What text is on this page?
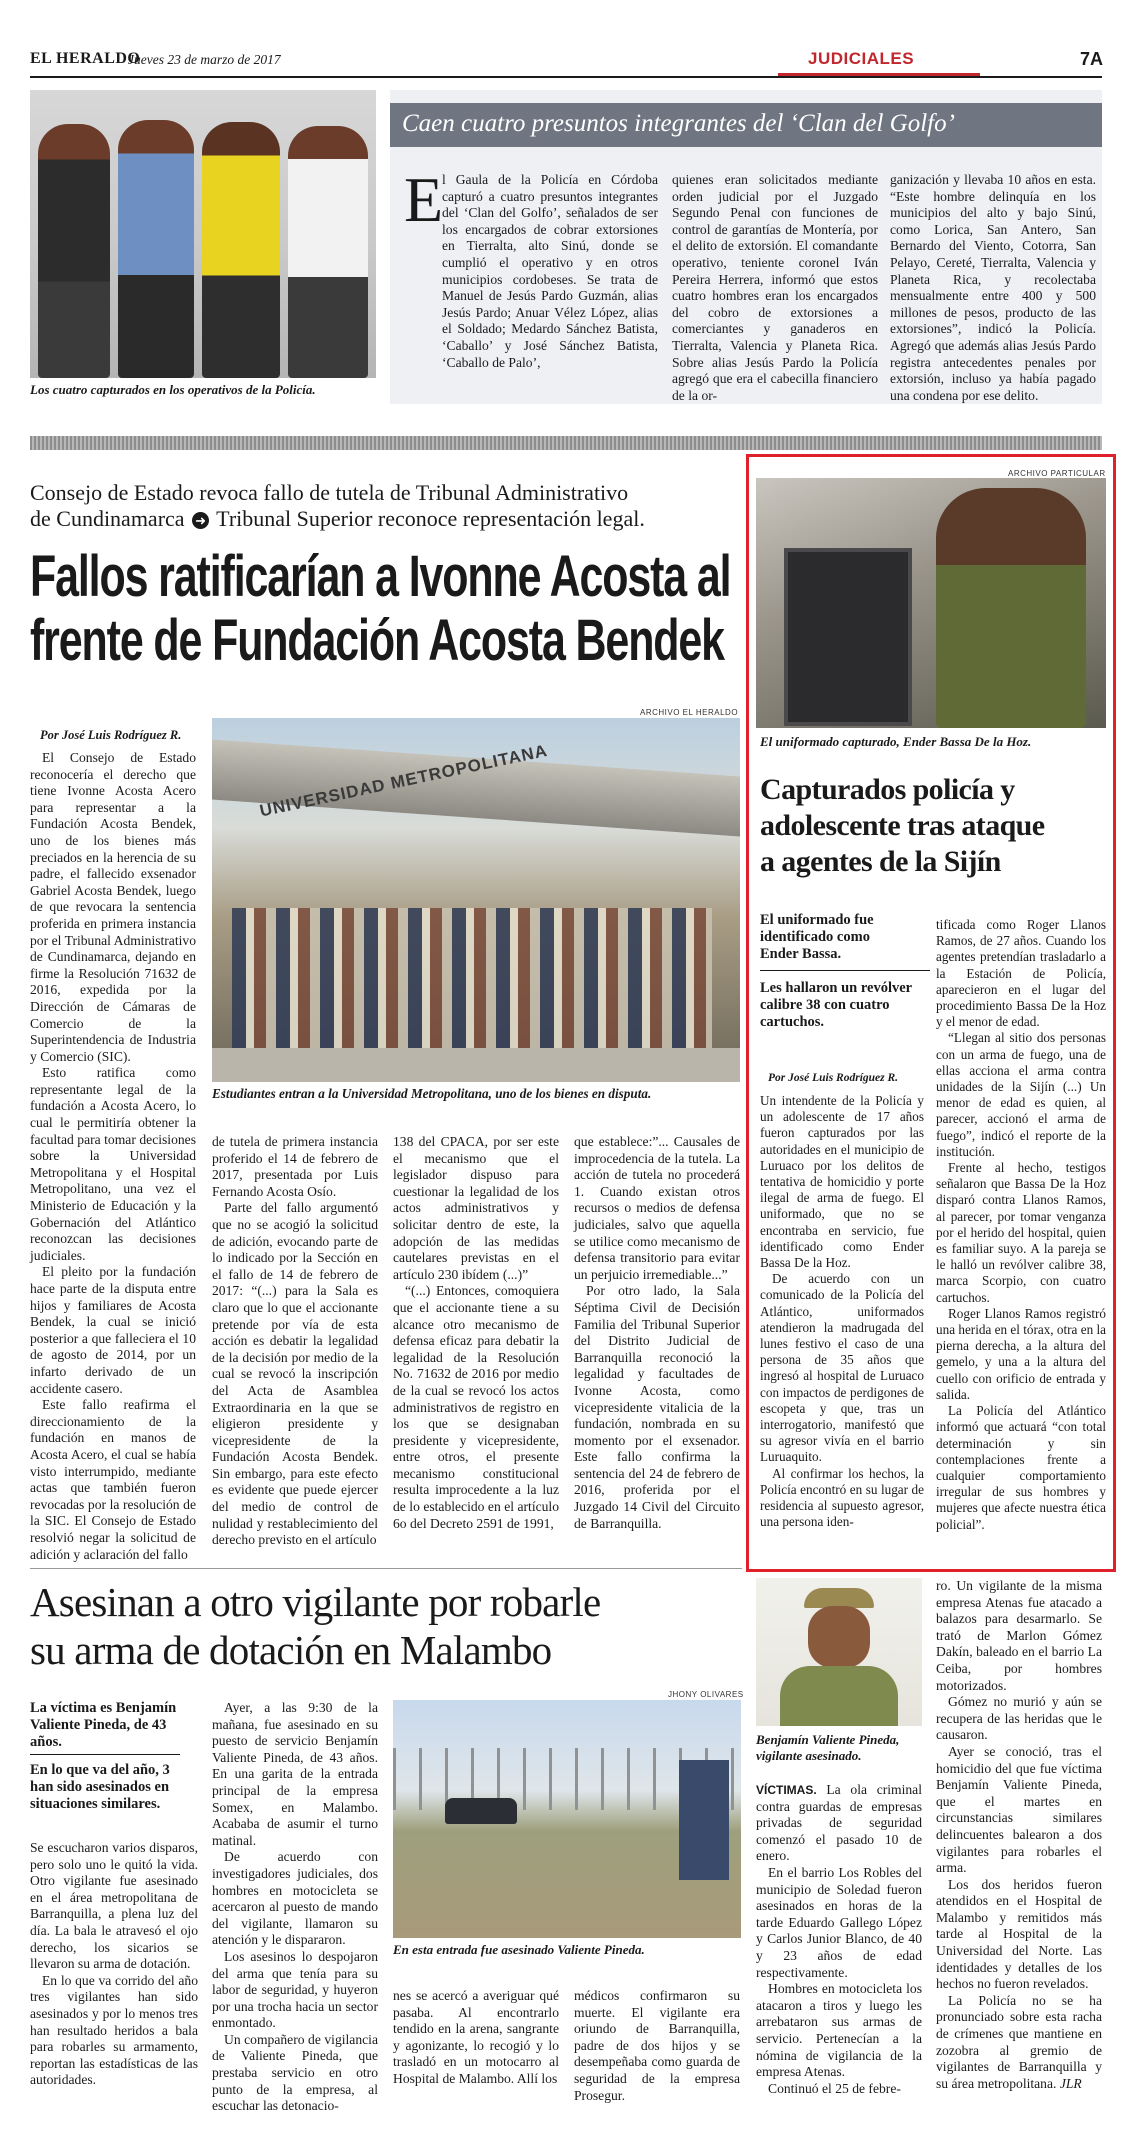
EL HERALDO
Jueves 23 de marzo de 2017	JUDICIALES	7A
Los cuatro capturados en los operativos de la Policía.
Caen cuatro presuntos integrantes del ‘Clan del Golfo’
E
l Gaula de la Policía en Córdoba capturó a cuatro presuntos integrantes del ‘Clan del Golfo’, señalados de ser los encargados de cobrar extorsiones en Tierralta, alto Sinú, donde se cumplió el operativo y en otros municipios cordobeses. Se trata de Manuel de Jesús Pardo Guzmán, alias Jesús Pardo; Anuar Vélez López, alias el Soldado; Medardo Sánchez Batista, ‘Caballo’ y José Sánchez Batista, ‘Caballo de Palo’,
quienes eran solicitados mediante orden judicial por el Juzgado Segundo Penal con funciones de control de garantías de Montería, por el delito de extorsión. El comandante operativo, teniente coronel Iván Pereira Herrera, informó que estos cuatro hombres eran los encargados del cobro de extorsiones a comerciantes y ganaderos en Tierralta, Valencia y Planeta Rica. Sobre alias Jesús Pardo la Policía agregó que era el cabecilla financiero de la or-
ganización y llevaba 10 años en esta. “Este hombre delinquía en los municipios del alto y bajo Sinú, como Lorica, San Antero, San Bernardo del Viento, Cotorra, San Pelayo, Cereté, Tierralta, Valencia y Planeta Rica, y recolectaba mensualmente entre 400 y 500 millones de pesos, producto de las extorsiones”, indicó la Policía. Agregó que además alias Jesús Pardo registra antecedentes penales por extorsión, incluso ya había pagado una condena por ese delito.
Consejo de Estado revoca fallo de tutela de Tribunal Administrativo
de Cundinamarca ➜ Tribunal Superior reconoce representación legal.
Fallos ratificarían a Ivonne Acosta al
frente de Fundación Acosta Bendek
Por José Luis Rodríguez R.

El Consejo de Estado reconocería el derecho que tiene Ivonne Acosta Acero para representar a la Fundación Acosta Bendek, uno de los bienes más preciados en la herencia de su padre, el fallecido exsenador Gabriel Acosta Bendek, luego de que revocara la sentencia proferida en primera instancia por el Tribunal Administrativo de Cundinamarca, dejando en firme la Resolución 71632 de 2016, expedida por la Dirección de Cámaras de Comercio de la Superintendencia de Industria y Comercio (SIC).

Esto ratifica como representante legal de la fundación a Acosta Acero, lo cual le permitiría obtener la facultad para tomar decisiones sobre la Universidad Metropolitana y el Hospital Metropolitano, una vez el Ministerio de Educación y la Gobernación del Atlántico reconozcan las decisiones judiciales.

El pleito por la fundación hace parte de la disputa entre hijos y familiares de Acosta Bendek, la cual se inició posterior a que falleciera el 10 de agosto de 2014, por un infarto derivado de un accidente casero.

Este fallo reafirma el direccionamiento de la fundación en manos de Acosta Acero, el cual se había visto interrumpido, mediante actas que también fueron revocadas por la resolución de la SIC. El Consejo de Estado resolvió negar la solicitud de adición y aclaración del fallo

ARCHIVO EL HERALDO
UNIVERSIDAD METROPOLITANA
Estudiantes entran a la Universidad Metropolitana, uno de los bienes en disputa.

de tutela de primera instancia proferido el 14 de febrero de 2017, presentada por Luis Fernando Acosta Osío.

Parte del fallo argumentó que no se acogió la solicitud de adición, evocando parte de lo indicado por la Sección en el fallo de 14 de febrero de 2017: “(...) para la Sala es claro que lo que el accionante pretende por vía de esta acción es debatir la legalidad de la decisión por medio de la cual se revocó la inscripción del Acta de Asamblea Extraordinaria en la que se eligieron presidente y vicepresidente de la Fundación Acosta Bendek. Sin embargo, para este efecto es evidente que puede ejercer del medio de control de nulidad y restablecimiento del derecho previsto en el artículo

138 del CPACA, por ser este el mecanismo que el legislador dispuso para cuestionar la legalidad de los actos administrativos y solicitar dentro de este, la adopción de las medidas cautelares previstas en el artículo 230 ibídem (...)”

“(...) Entonces, comoquiera que el accionante tiene a su alcance otro mecanismo de defensa eficaz para debatir la legalidad de la Resolución No. 71632 de 2016 por medio de la cual se revocó los actos administrativos de registro en los que se designaban presidente y vicepresidente, entre otros, el presente mecanismo constitucional resulta improcedente a la luz de lo establecido en el artículo 6o del Decreto 2591 de 1991,

que establece:”... Causales de improcedencia de la tutela. La acción de tutela no procederá 1. Cuando existan otros recursos o medios de defensa judiciales, salvo que aquella se utilice como mecanismo de defensa transitorio para evitar un perjuicio irremediable...”

Por otro lado, la Sala Séptima Civil de Decisión Familia del Tribunal Superior del Distrito Judicial de Barranquilla reconoció la legalidad y facultades de Ivonne Acosta, como vicepresidente vitalicia de la fundación, nombrada en su momento por el exsenador. Este fallo confirma la sentencia del 24 de febrero de 2016, proferida por el Juzgado 14 Civil del Circuito de Barranquilla.

ARCHIVO PARTICULAR
El uniformado capturado, Ender Bassa De la Hoz.
Capturados policía y
adolescente tras ataque
a agentes de la Sijín
El uniformado fue identificado como Ender Bassa.
Les hallaron un revólver calibre 38 con cuatro cartuchos.
Por José Luis Rodríguez R.

Un intendente de la Policía y un adolescente de 17 años fueron capturados por las autoridades en el municipio de Luruaco por los delitos de tentativa de homicidio y porte ilegal de arma de fuego. El uniformado, que no se encontraba en servicio, fue identificado como Ender Bassa De la Hoz.

De acuerdo con un comunicado de la Policía del Atlántico, uniformados atendieron la madrugada del lunes festivo el caso de una persona de 35 años que ingresó al hospital de Luruaco con impactos de perdigones de escopeta y que, tras un interrogatorio, manifestó que su agresor vivía en el barrio Luruaquito.

Al confirmar los hechos, la Policía encontró en su lugar de residencia al supuesto agresor, una persona iden-

tificada como Roger Llanos Ramos, de 27 años. Cuando los agentes pretendían trasladarlo a la Estación de Policía, aparecieron en el lugar del procedimiento Bassa De la Hoz y el menor de edad.

“Llegan al sitio dos personas con un arma de fuego, una de ellas acciona el arma contra unidades de la Sijín (...) Un menor de edad es quien, al parecer, accionó el arma de fuego”, indicó el reporte de la institución.

Frente al hecho, testigos señalaron que Bassa De la Hoz disparó contra Llanos Ramos, al parecer, por tomar venganza por el herido del hospital, quien es familiar suyo. A la pareja se le halló un revólver calibre 38, marca Scorpio, con cuatro cartuchos.

Roger Llanos Ramos registró una herida en el tórax, otra en la pierna derecha, a la altura del gemelo, y una a la altura del cuello con orificio de entrada y salida.

La Policía del Atlántico informó que actuará “con total determinación y sin contemplaciones frente a cualquier comportamiento irregular de sus hombres y mujeres que afecte nuestra ética policial”.

Asesinan a otro vigilante por robarle
su arma de dotación en Malambo
La víctima es Benjamín Valiente Pineda, de 43 años.
En lo que va del año, 3 han sido asesinados en situaciones similares.

Se escucharon varios disparos, pero solo uno le quitó la vida. Otro vigilante fue asesinado en el área metropolitana de Barranquilla, a plena luz del día. La bala le atravesó el ojo derecho, los sicarios se llevaron su arma de dotación.

En lo que va corrido del año tres vigilantes han sido asesinados y por lo menos tres han resultado heridos a bala para robarles su armamento, reportan las estadísticas de las autoridades.

Ayer, a las 9:30 de la mañana, fue asesinado en su puesto de servicio Benjamín Valiente Pineda, de 43 años. En una garita de la entrada principal de la empresa Somex, en Malambo. Acababa de asumir el turno matinal.

De acuerdo con investigadores judiciales, dos hombres en motocicleta se acercaron al puesto de mando del vigilante, llamaron su atención y le dispararon.

Los asesinos lo despojaron del arma que tenía para su labor de seguridad, y huyeron por una trocha hacia un sector enmontado.

Un compañero de vigilancia de Valiente Pineda, que prestaba servicio en otro punto de la empresa, al escuchar las detonacio-

JHONY OLIVARES
En esta entrada fue asesinado Valiente Pineda.
nes se acercó a averiguar qué pasaba. Al encontrarlo tendido en la arena, sangrante y agonizante, lo recogió y lo trasladó en un motocarro al Hospital de Malambo. Allí los
médicos confirmaron su muerte. El vigilante era oriundo de Barranquilla, padre de dos hijos y se desempeñaba como guarda de seguridad de la empresa Prosegur.
Benjamín Valiente Pineda, vigilante asesinado.

VÍCTIMAS. La ola criminal contra guardas de empresas privadas de seguridad comenzó el pasado 10 de enero.

En el barrio Los Robles del municipio de Soledad fueron asesinados en horas de la tarde Eduardo Gallego López y Carlos Junior Blanco, de 40 y 23 años de edad respectivamente.

Hombres en motocicleta los atacaron a tiros y luego les arrebataron sus armas de servicio. Pertenecían a la nómina de vigilancia de la empresa Atenas.

Continuó el 25 de febre-

ro. Un vigilante de la misma empresa Atenas fue atacado a balazos para desarmarlo. Se trató de Marlon Gómez Dakín, baleado en el barrio La Ceiba, por hombres motorizados.

Gómez no murió y aún se recupera de las heridas que le causaron.

Ayer se conoció, tras el homicidio del que fue víctima Benjamín Valiente Pineda, que el martes en circunstancias similares delincuentes balearon a dos vigilantes para robarles el arma.

Los dos heridos fueron atendidos en el Hospital de Malambo y remitidos más tarde al Hospital de la Universidad del Norte. Las identidades y detalles de los hechos no fueron revelados.

La Policía no se ha pronunciado sobre esta racha de crímenes que mantiene en zozobra al gremio de vigilantes de Barranquilla y su área metropolitana. JLR
